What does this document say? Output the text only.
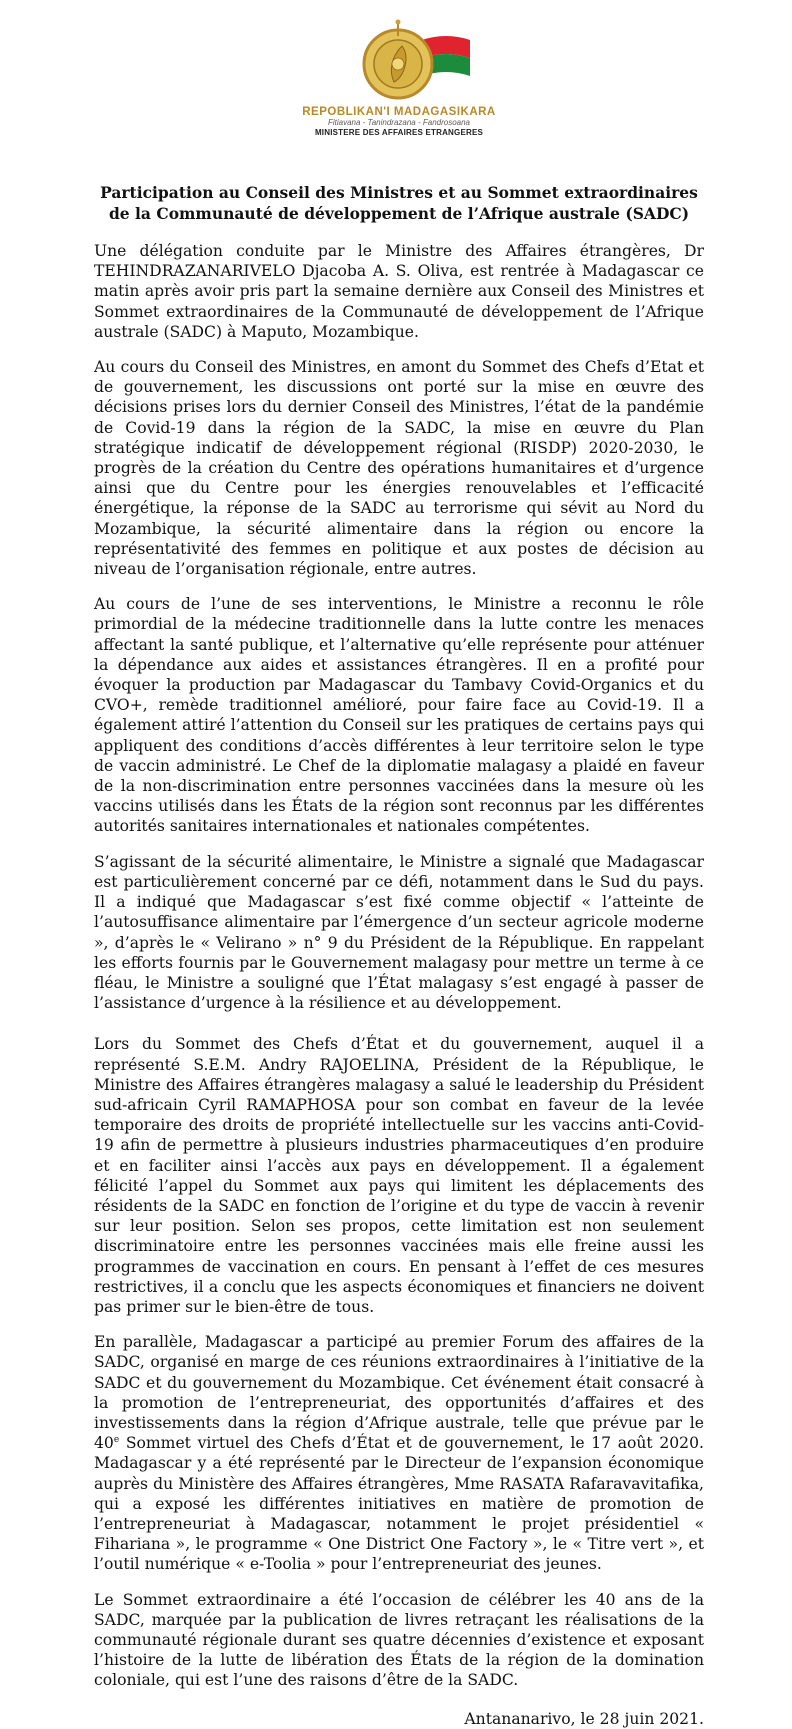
REPOBLIKAN'I MADAGASIKARA
Fitiavana - Tanindrazana - Fandrosoana
MINISTERE DES AFFAIRES ETRANGERES
Participation au Conseil des Ministres et au Sommet extraordinaires
de la Communauté de développement de l’Afrique australe (SADC)

Une délégation conduite par le Ministre des Affaires étrangères, Dr TEHINDRAZANARIVELO Djacoba A. S. Oliva, est rentrée à Madagascar ce matin après avoir pris part la semaine dernière aux Conseil des Ministres et Sommet extraordinaires de la Communauté de développement de l’Afrique australe (SADC) à Maputo, Mozambique.

Au cours du Conseil des Ministres, en amont du Sommet des Chefs d’Etat et de gouvernement, les discussions ont porté sur la mise en œuvre des décisions prises lors du dernier Conseil des Ministres, l’état de la pandémie de Covid-19 dans la région de la SADC, la mise en œuvre du Plan stratégique indicatif de développement régional (RISDP) 2020-2030, le progrès de la création du Centre des opérations humanitaires et d’urgence ainsi que du Centre pour les énergies renouvelables et l’efficacité énergétique, la réponse de la SADC au terrorisme qui sévit au Nord du Mozambique, la sécurité alimentaire dans la région ou encore la représentativité des femmes en politique et aux postes de décision au niveau de l’organisation régionale, entre autres.

Au cours de l’une de ses interventions, le Ministre a reconnu le rôle primordial de la médecine traditionnelle dans la lutte contre les menaces affectant la santé publique, et l’alternative qu’elle représente pour atténuer la dépendance aux aides et assistances étrangères. Il en a profité pour évoquer la production par Madagascar du Tambavy Covid-Organics et du CVO+, remède traditionnel amélioré, pour faire face au Covid-19. Il a également attiré l’attention du Conseil sur les pratiques de certains pays qui appliquent des conditions d’accès différentes à leur territoire selon le type de vaccin administré. Le Chef de la diplomatie malagasy a plaidé en faveur de la non-discrimination entre personnes vaccinées dans la mesure où les vaccins utilisés dans les États de la région sont reconnus par les différentes autorités sanitaires internationales et nationales compétentes.

S’agissant de la sécurité alimentaire, le Ministre a signalé que Madagascar est particulièrement concerné par ce défi, notamment dans le Sud du pays. Il a indiqué que Madagascar s’est fixé comme objectif « l’atteinte de l’autosuffisance alimentaire par l’émergence d’un secteur agricole moderne », d’après le « Velirano » n° 9 du Président de la République. En rappelant les efforts fournis par le Gouvernement malagasy pour mettre un terme à ce fléau, le Ministre a souligné que l’État malagasy s’est engagé à passer de l’assistance d’urgence à la résilience et au développement.

Lors du Sommet des Chefs d’État et du gouvernement, auquel il a représenté S.E.M. Andry RAJOELINA, Président de la République, le Ministre des Affaires étrangères malagasy a salué le leadership du Président sud-africain Cyril RAMAPHOSA pour son combat en faveur de la levée temporaire des droits de propriété intellectuelle sur les vaccins anti-Covid-19 afin de permettre à plusieurs industries pharmaceutiques d’en produire et en faciliter ainsi l’accès aux pays en développement. Il a également félicité l’appel du Sommet aux pays qui limitent les déplacements des résidents de la SADC en fonction de l’origine et du type de vaccin à revenir sur leur position. Selon ses propos, cette limitation est non seulement discriminatoire entre les personnes vaccinées mais elle freine aussi les programmes de vaccination en cours. En pensant à l’effet de ces mesures restrictives, il a conclu que les aspects économiques et financiers ne doivent pas primer sur le bien-être de tous.

En parallèle, Madagascar a participé au premier Forum des affaires de la SADC, organisé en marge de ces réunions extraordinaires à l’initiative de la SADC et du gouvernement du Mozambique. Cet événement était consacré à la promotion de l’entrepreneuriat, des opportunités d’affaires et des investissements dans la région d’Afrique australe, telle que prévue par le 40e Sommet virtuel des Chefs d’État et de gouvernement, le 17 août 2020. Madagascar y a été représenté par le Directeur de l’expansion économique auprès du Ministère des Affaires étrangères, Mme RASATA Rafaravavitafika, qui a exposé les différentes initiatives en matière de promotion de l’entrepreneuriat à Madagascar, notamment le projet présidentiel « Fihariana », le programme « One District One Factory », le « Titre vert », et l’outil numérique « e-Toolia » pour l’entrepreneuriat des jeunes.

Le Sommet extraordinaire a été l’occasion de célébrer les 40 ans de la SADC, marquée par la publication de livres retraçant les réalisations de la communauté régionale durant ses quatre décennies d’existence et exposant l’histoire de la lutte de libération des États de la région de la domination coloniale, qui est l’une des raisons d’être de la SADC.

Antananarivo, le 28 juin 2021.
